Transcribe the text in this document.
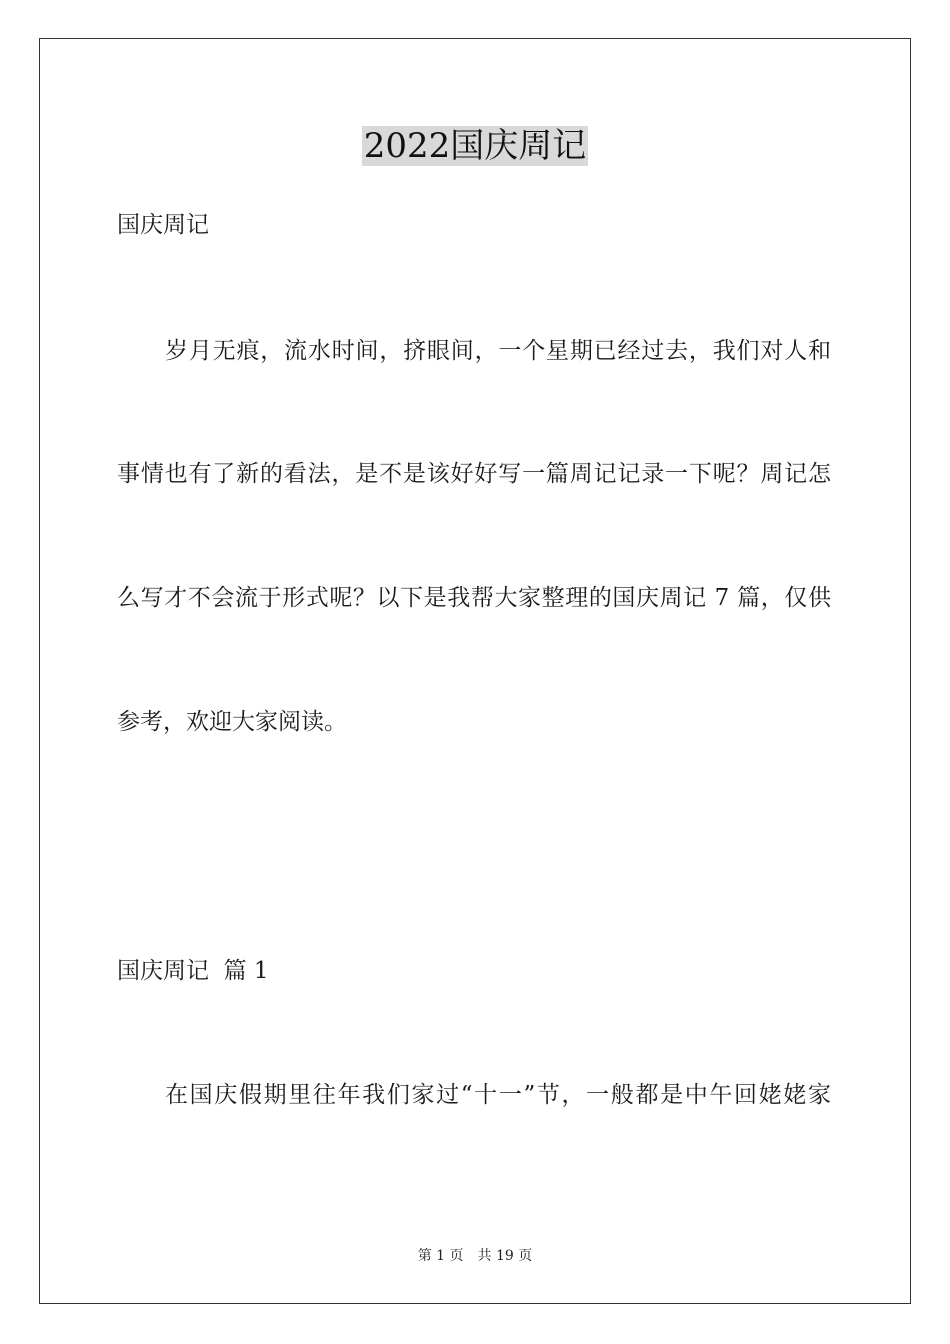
2022国庆周记
国庆周记
岁月无痕，流水时间，挤眼间，一个星期已经过去，我们对人和
事情也有了新的看法，是不是该好好写一篇周记记录一下呢？周记怎
么写才不会流于形式呢？以下是我帮大家整理的国庆周记 7 篇，仅供
参考，欢迎大家阅读。
国庆周记  篇 1
在国庆假期里往年我们家过“十一”节，一般都是中午回姥姥家
第 1 页 共 19 页
